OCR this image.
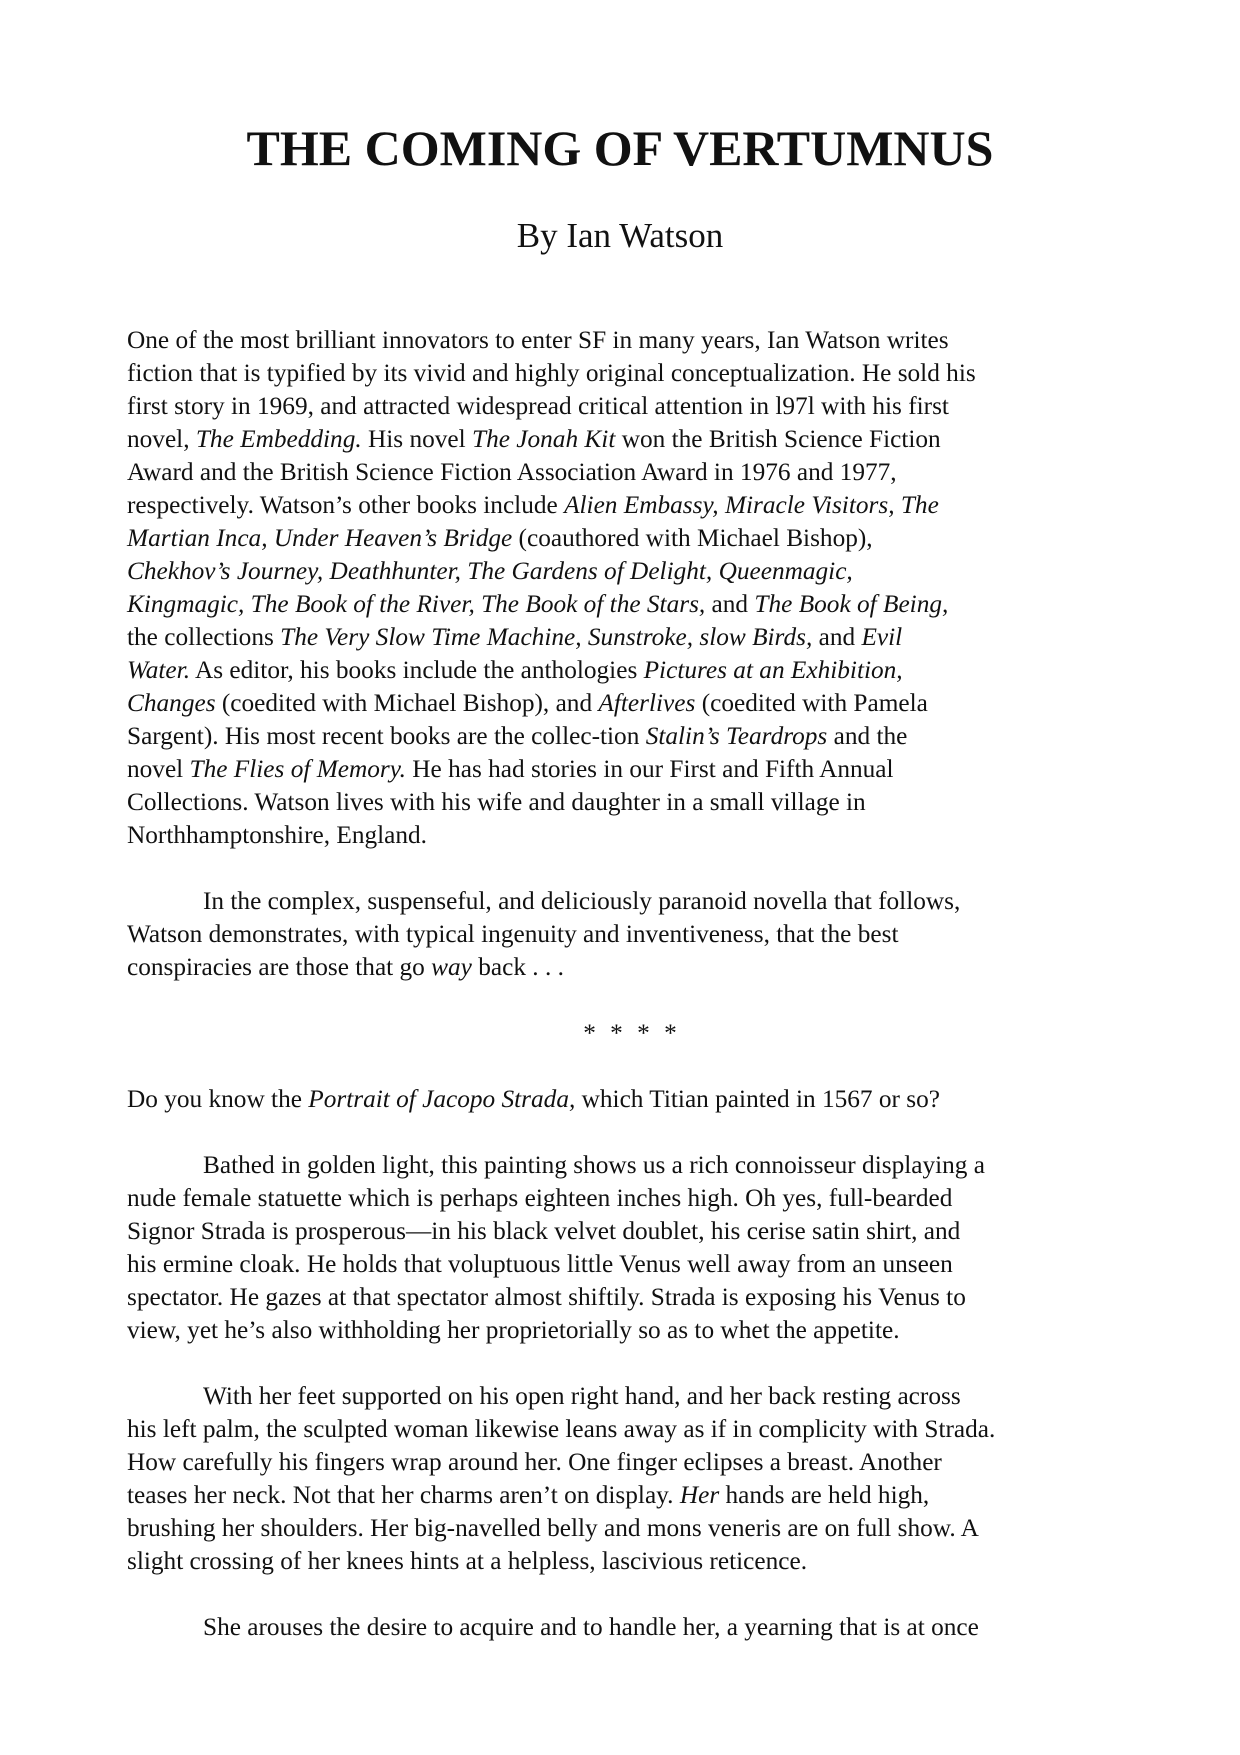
THE COMING OF VERTUMNUS

By Ian Watson

One of the most brilliant innovators to enter SF in many years, Ian Watson writes
fiction that is typified by its vivid and highly original conceptualization. He sold his
first story in 1969, and attracted widespread critical attention in l97l with his first
novel, The Embedding. His novel The Jonah Kit won the British Science Fiction
Award and the British Science Fiction Association Award in 1976 and 1977,
respectively. Watson’s other books include Alien Embassy, Miracle Visitors, The
Martian Inca, Under Heaven’s Bridge (coauthored with Michael Bishop),
Chekhov’s Journey, Deathhunter, The Gardens of Delight, Queenmagic,
Kingmagic, The Book of the River, The Book of the Stars, and The Book of Being,
the collections The Very Slow Time Machine, Sunstroke, slow Birds, and Evil
Water. As editor, his books include the anthologies Pictures at an Exhibition,
Changes (coedited with Michael Bishop), and Afterlives (coedited with Pamela
Sargent). His most recent books are the collec-tion Stalin’s Teardrops and the
novel The Flies of Memory. He has had stories in our First and Fifth Annual
Collections. Watson lives with his wife and daughter in a small village in
Northhamptonshire, England.

In the complex, suspenseful, and deliciously paranoid novella that follows,
Watson demonstrates, with typical ingenuity and inventiveness, that the best
conspiracies are those that go way back . . .

* * * *

Do you know the Portrait of Jacopo Strada, which Titian painted in 1567 or so?

Bathed in golden light, this painting shows us a rich connoisseur displaying a
nude female statuette which is perhaps eighteen inches high. Oh yes, full-bearded
Signor Strada is prosperous—in his black velvet doublet, his cerise satin shirt, and
his ermine cloak. He holds that voluptuous little Venus well away from an unseen
spectator. He gazes at that spectator almost shiftily. Strada is exposing his Venus to
view, yet he’s also withholding her proprietorially so as to whet the appetite.

With her feet supported on his open right hand, and her back resting across
his left palm, the sculpted woman likewise leans away as if in complicity with Strada.
How carefully his fingers wrap around her. One finger eclipses a breast. Another
teases her neck. Not that her charms aren’t on display. Her hands are held high,
brushing her shoulders. Her big-navelled belly and mons veneris are on full show. A
slight crossing of her knees hints at a helpless, lascivious reticence.

She arouses the desire to acquire and to handle her, a yearning that is at once
